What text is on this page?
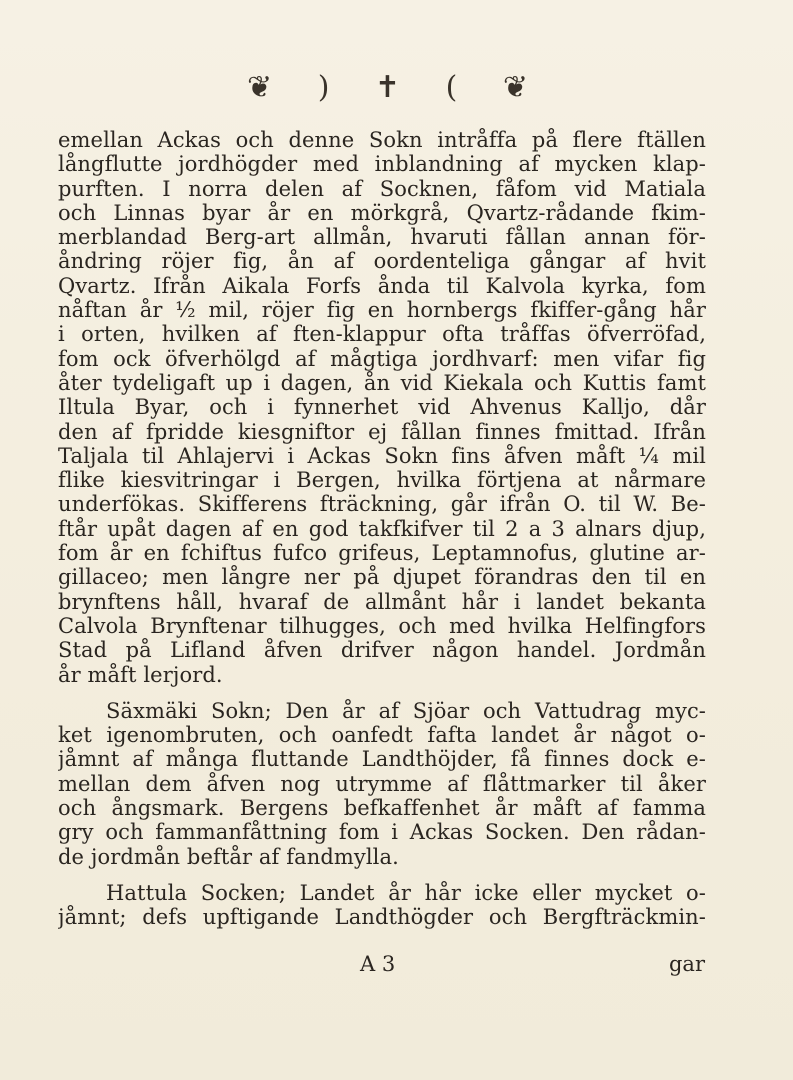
❦ ) ✝ ( ❦
emellan Ackas och denne Sokn intråffa på flere ftällen
långflutte jordhögder med inblandning af mycken klap-
purften. I norra delen af Socknen, fåfom vid Matiala
och Linnas byar år en mörkgrå, Qvartz-rådande fkim-
merblandad Berg-art allmån, hvaruti fållan annan för-
åndring röjer fig, ån af oordenteliga gångar af hvit
Qvartz. Ifrån Aikala Forfs ånda til Kalvola kyrka, fom
nåftan år ½ mil, röjer fig en hornbergs fkiffer-gång hår
i orten, hvilken af ften-klappur ofta tråffas öfverröfad,
fom ock öfverhölgd af mågtiga jordhvarf: men vifar fig
åter tydeligaft up i dagen, ån vid Kiekala och Kuttis famt
Iltula Byar, och i fynnerhet vid Ahvenus Kalljo, dår
den af fpridde kiesgniftor ej fållan finnes fmittad. Ifrån
Taljala til Ahlajervi i Ackas Sokn fins åfven måft ¼ mil
flike kiesvitringar i Bergen, hvilka förtjena at nårmare
underfökas. Skifferens fträckning, går ifrån O. til W. Be-
ftår upåt dagen af en god takfkifver til 2 a 3 alnars djup,
fom år en fchiftus fufco grifeus, Leptamnofus, glutine ar-
gillaceo; men långre ner på djupet förandras den til en
brynftens håll, hvaraf de allmånt hår i landet bekanta
Calvola Brynftenar tilhugges, och med hvilka Helfingfors
Stad på Lifland åfven drifver någon handel. Jordmån
år måft lerjord.
Säxmäki Sokn; Den år af Sjöar och Vattudrag myc-
ket igenombruten, och oanfedt fafta landet år något o-
jåmnt af många fluttande Landthöjder, få finnes dock e-
mellan dem åfven nog utrymme af flåttmarker til åker
och ångsmark. Bergens befkaffenhet år måft af famma
gry och fammanfåttning fom i Ackas Socken. Den rådan-
de jordmån beftår af fandmylla.
Hattula Socken; Landet år hår icke eller mycket o-
jåmnt; defs upftigande Landthögder och Bergfträckmin-
A 3	gar
